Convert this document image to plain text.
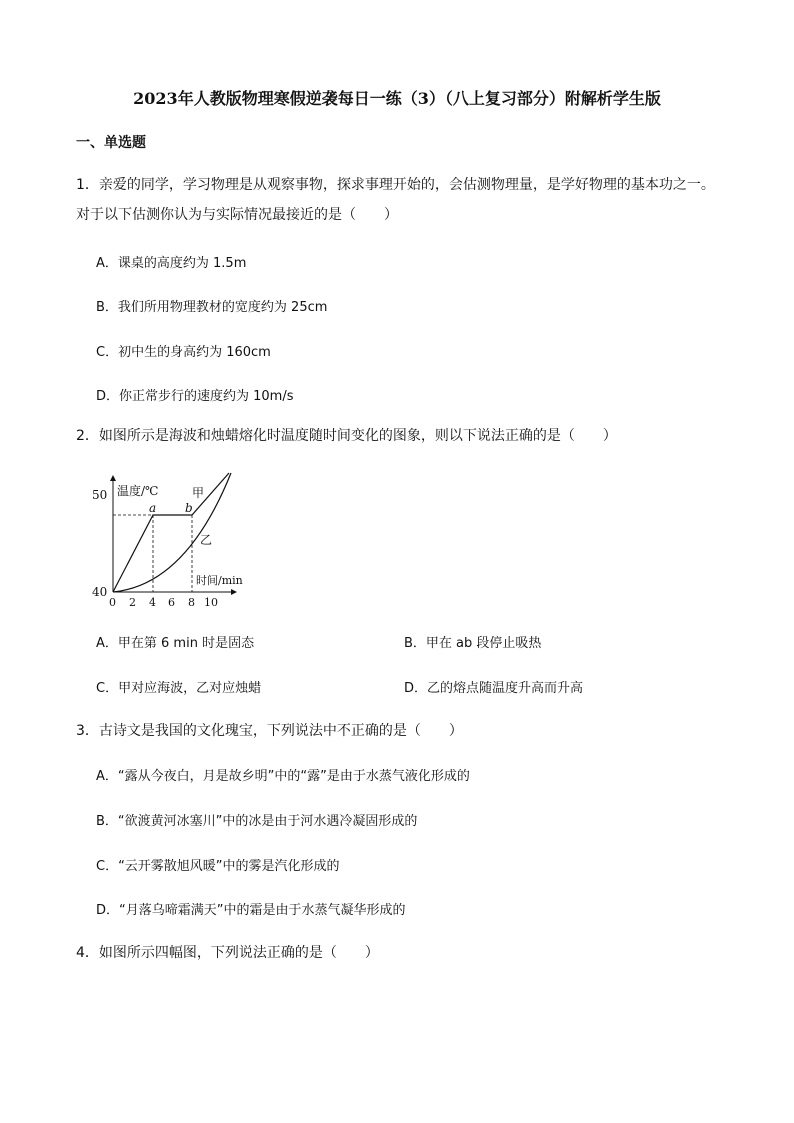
2023年人教版物理寒假逆袭每日一练（3）（八上复习部分）附解析学生版
一、单选题
1．亲爱的同学，学习物理是从观察事物，探求事理开始的，会估测物理量，是学好物理的基本功之一。对于以下估测你认为与实际情况最接近的是（　　）
A．课桌的高度约为 1.5m
B．我们所用物理教材的宽度约为 25cm
C．初中生的身高约为 160cm
D．你正常步行的速度约为 10m/s
2．如图所示是海波和烛蜡熔化时温度随时间变化的图象，则以下说法正确的是（　　）
温度/℃
时间/min
50
40
0 2 4 6 8 10
a b
甲
乙
A．甲在第 6 min 时是固态	B．甲在 ab 段停止吸热
C．甲对应海波，乙对应烛蜡	D．乙的熔点随温度升高而升高
3．古诗文是我国的文化瑰宝，下列说法中不正确的是（　　）
A．“露从今夜白，月是故乡明”中的“露”是由于水蒸气液化形成的
B．“欲渡黄河冰塞川”中的冰是由于河水遇冷凝固形成的
C．“云开雾散旭风暖”中的雾是汽化形成的
D．“月落乌啼霜满天”中的霜是由于水蒸气凝华形成的
4．如图所示四幅图，下列说法正确的是（　　）
